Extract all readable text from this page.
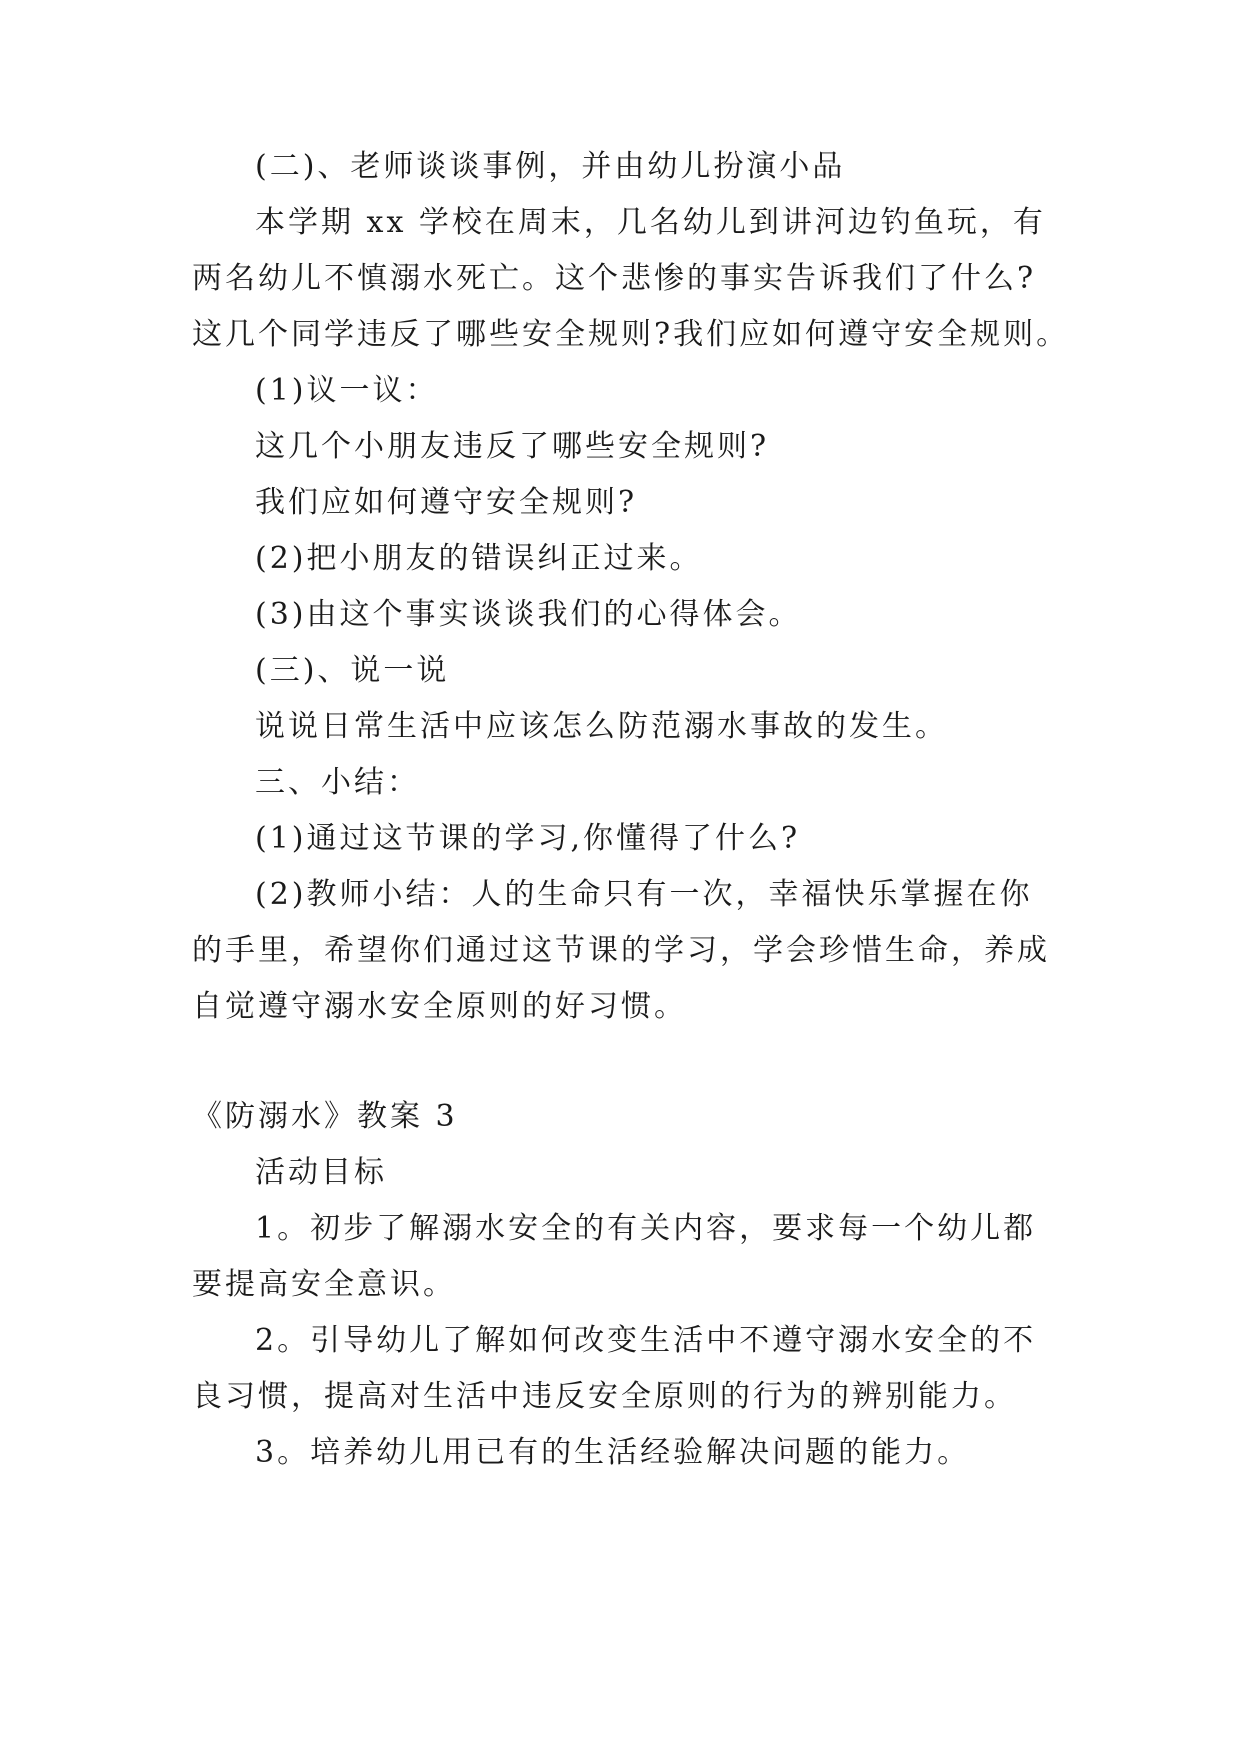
(二)、老师谈谈事例，并由幼儿扮演小品
本学期 xx 学校在周末，几名幼儿到讲河边钓鱼玩，有
两名幼儿不慎溺水死亡。这个悲惨的事实告诉我们了什么?
这几个同学违反了哪些安全规则?我们应如何遵守安全规则。
(1)议一议：
这几个小朋友违反了哪些安全规则?
我们应如何遵守安全规则?
(2)把小朋友的错误纠正过来。
(3)由这个事实谈谈我们的心得体会。
(三)、说一说
说说日常生活中应该怎么防范溺水事故的发生。
三、小结：
(1)通过这节课的学习,你懂得了什么?
(2)教师小结：人的生命只有一次，幸福快乐掌握在你
的手里，希望你们通过这节课的学习，学会珍惜生命，养成
自觉遵守溺水安全原则的好习惯。
《防溺水》教案 3
活动目标
1。初步了解溺水安全的有关内容，要求每一个幼儿都
要提高安全意识。
2。引导幼儿了解如何改变生活中不遵守溺水安全的不
良习惯，提高对生活中违反安全原则的行为的辨别能力。
3。培养幼儿用已有的生活经验解决问题的能力。
